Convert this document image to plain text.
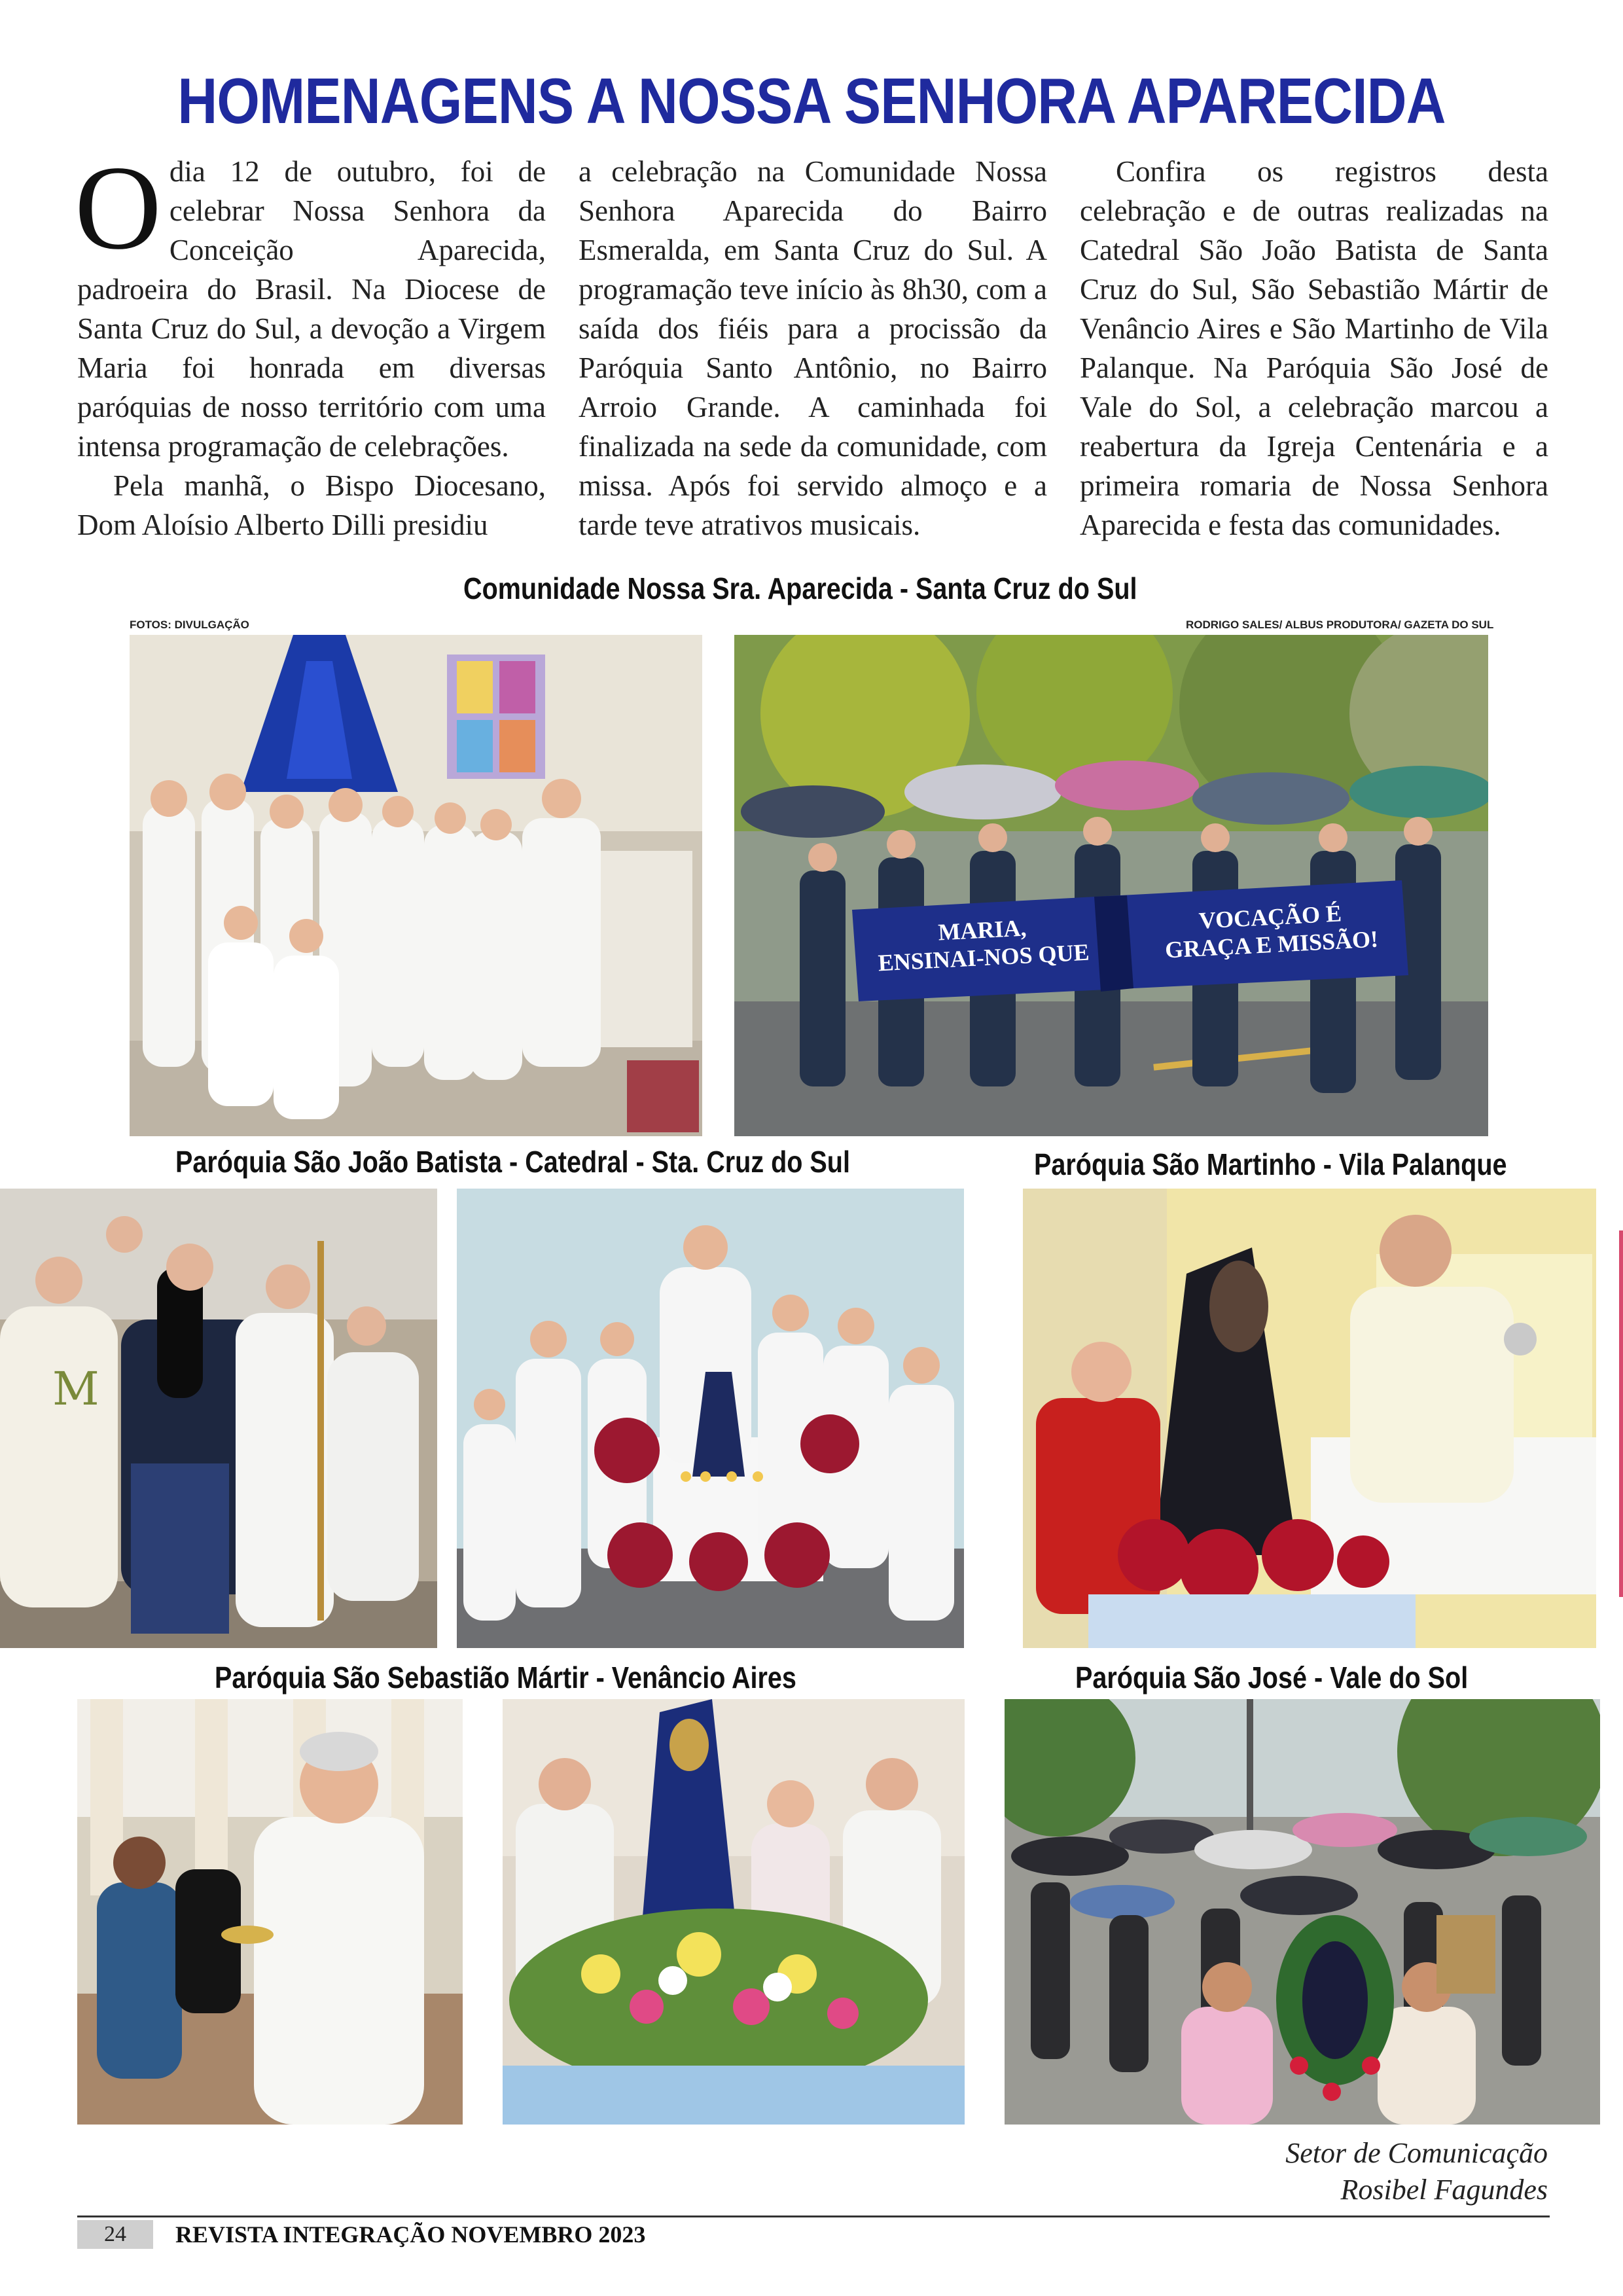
HOMENAGENS A NOSSA SENHORA APARECIDA
O dia 12 de outubro, foi de celebrar Nossa Senhora da Conceição Aparecida, padroeira do Brasil. Na Diocese de Santa Cruz do Sul, a devoção a Virgem Maria foi honrada em diversas paróquias de nosso território com uma intensa programação de celebrações.

Pela manhã, o Bispo Diocesano, Dom Aloísio Alberto Dilli presidiu

a celebração na Comunidade Nossa Senhora Aparecida do Bairro Esmeralda, em Santa Cruz do Sul. A programação teve início às 8h30, com a saída dos fiéis para a procissão da Paróquia Santo Antônio, no Bairro Arroio Grande. A caminhada foi finalizada na sede da comunidade, com missa. Após foi servido almoço e a tarde teve atrativos musicais.

Confira os registros desta celebração e de outras realizadas na Catedral São João Batista de Santa Cruz do Sul, São Sebastião Mártir de Venâncio Aires e São Martinho de Vila Palanque. Na Paróquia São José de Vale do Sol, a celebração marcou a reabertura da Igreja Centenária e a primeira romaria de Nossa Senhora Aparecida e festa das comunidades.

Comunidade Nossa Sra. Aparecida - Santa Cruz do Sul
FOTOS: DIVULGAÇÃO	RODRIGO SALES/ ALBUS PRODUTORA/ GAZETA DO SUL
MARIA,
ENSINAI-NOS QUE
VOCAÇÃO É
GRAÇA E MISSÃO!
Paróquia São João Batista - Catedral - Sta. Cruz do Sul	Paróquia São Martinho - Vila Palanque
M
Paróquia São Sebastião Mártir - Venâncio Aires	Paróquia São José - Vale do Sol
Setor de Comunicação
Rosibel Fagundes
24	REVISTA INTEGRAÇÃO NOVEMBRO 2023
